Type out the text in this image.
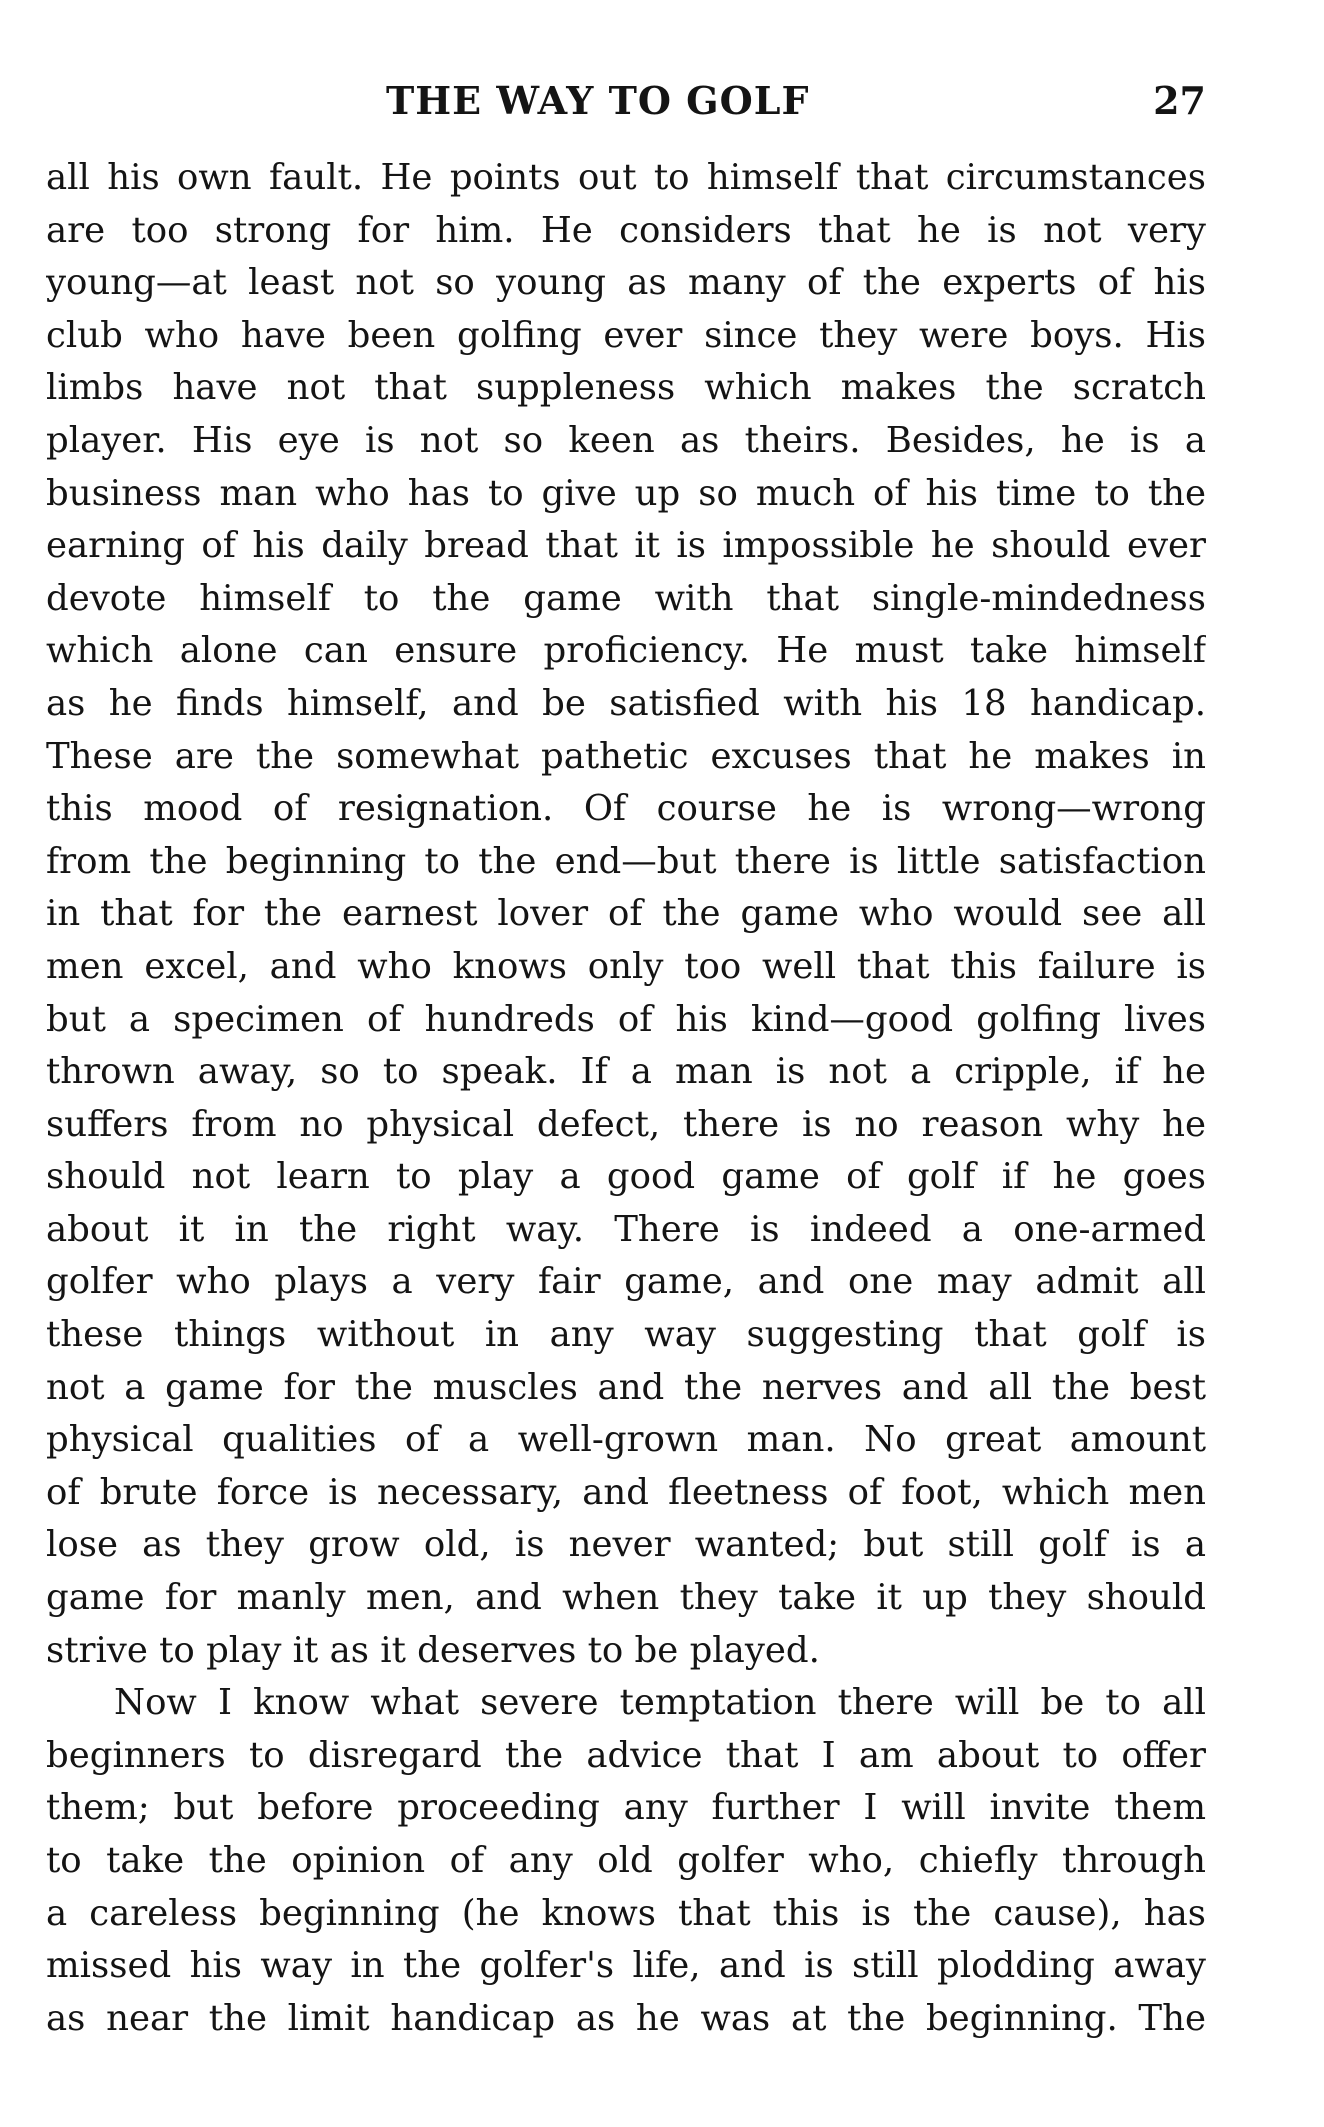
THE WAY TO GOLF	27
all his own fault. He points out to himself that circumstances
are too strong for him. He considers that he is not very
young—at least not so young as many of the experts of his
club who have been golfing ever since they were boys. His
limbs have not that suppleness which makes the scratch
player. His eye is not so keen as theirs. Besides, he is a
business man who has to give up so much of his time to the
earning of his daily bread that it is impossible he should ever
devote himself to the game with that single-mindedness
which alone can ensure proficiency. He must take himself
as he finds himself, and be satisfied with his 18 handicap.
These are the somewhat pathetic excuses that he makes in
this mood of resignation. Of course he is wrong—wrong
from the beginning to the end—but there is little satisfaction
in that for the earnest lover of the game who would see all
men excel, and who knows only too well that this failure is
but a specimen of hundreds of his kind—good golfing lives
thrown away, so to speak. If a man is not a cripple, if he
suffers from no physical defect, there is no reason why he
should not learn to play a good game of golf if he goes
about it in the right way. There is indeed a one-armed
golfer who plays a very fair game, and one may admit all
these things without in any way suggesting that golf is
not a game for the muscles and the nerves and all the best
physical qualities of a well-grown man. No great amount
of brute force is necessary, and fleetness of foot, which men
lose as they grow old, is never wanted; but still golf is a
game for manly men, and when they take it up they should
strive to play it as it deserves to be played.
Now I know what severe temptation there will be to all
beginners to disregard the advice that I am about to offer
them; but before proceeding any further I will invite them
to take the opinion of any old golfer who, chiefly through
a careless beginning (he knows that this is the cause), has
missed his way in the golfer's life, and is still plodding away
as near the limit handicap as he was at the beginning. The
